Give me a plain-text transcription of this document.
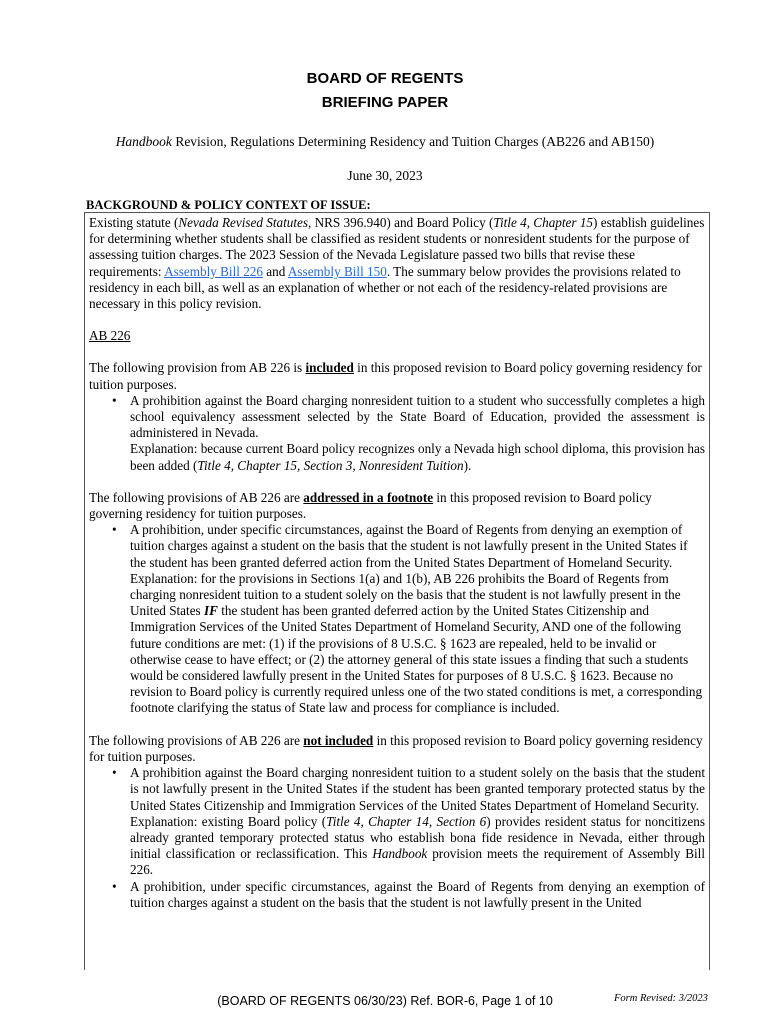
BOARD OF REGENTS
BRIEFING PAPER
Handbook Revision, Regulations Determining Residency and Tuition Charges (AB226 and AB150)
June 30, 2023
BACKGROUND & POLICY CONTEXT OF ISSUE:

Existing statute (Nevada Revised Statutes, NRS 396.940) and Board Policy (Title 4, Chapter 15) establish guidelines for determining whether students shall be classified as resident students or nonresident students for the purpose of assessing tuition charges. The 2023 Session of the Nevada Legislature passed two bills that revise these requirements: Assembly Bill 226 and Assembly Bill 150. The summary below provides the provisions related to residency in each bill, as well as an explanation of whether or not each of the residency-related provisions are necessary in this policy revision.

AB 226

The following provision from AB 226 is included in this proposed revision to Board policy governing residency for tuition purposes.

• A prohibition against the Board charging nonresident tuition to a student who successfully completes a high school equivalency assessment selected by the State Board of Education, provided the assessment is administered in Nevada.
Explanation: because current Board policy recognizes only a Nevada high school diploma, this provision has been added (Title 4, Chapter 15, Section 3, Nonresident Tuition).

The following provisions of AB 226 are addressed in a footnote in this proposed revision to Board policy governing residency for tuition purposes.

• A prohibition, under specific circumstances, against the Board of Regents from denying an exemption of tuition charges against a student on the basis that the student is not lawfully present in the United States if the student has been granted deferred action from the United States Department of Homeland Security.
Explanation: for the provisions in Sections 1(a) and 1(b), AB 226 prohibits the Board of Regents from charging nonresident tuition to a student solely on the basis that the student is not lawfully present in the United States IF the student has been granted deferred action by the United States Citizenship and Immigration Services of the United States Department of Homeland Security, AND one of the following future conditions are met: (1) if the provisions of 8 U.S.C. § 1623 are repealed, held to be invalid or otherwise cease to have effect; or (2) the attorney general of this state issues a finding that such a students would be considered lawfully present in the United States for purposes of 8 U.S.C. § 1623. Because no revision to Board policy is currently required unless one of the two stated conditions is met, a corresponding footnote clarifying the status of State law and process for compliance is included.

The following provisions of AB 226 are not included in this proposed revision to Board policy governing residency for tuition purposes.

• A prohibition against the Board charging nonresident tuition to a student solely on the basis that the student is not lawfully present in the United States if the student has been granted temporary protected status by the United States Citizenship and Immigration Services of the United States Department of Homeland Security.
Explanation: existing Board policy (Title 4, Chapter 14, Section 6) provides resident status for noncitizens already granted temporary protected status who establish bona fide residence in Nevada, either through initial classification or reclassification. This Handbook provision meets the requirement of Assembly Bill 226.
• A prohibition, under specific circumstances, against the Board of Regents from denying an exemption of tuition charges against a student on the basis that the student is not lawfully present in the United
(BOARD OF REGENTS 06/30/23) Ref. BOR-6, Page 1 of 10	Form Revised: 3/2023
